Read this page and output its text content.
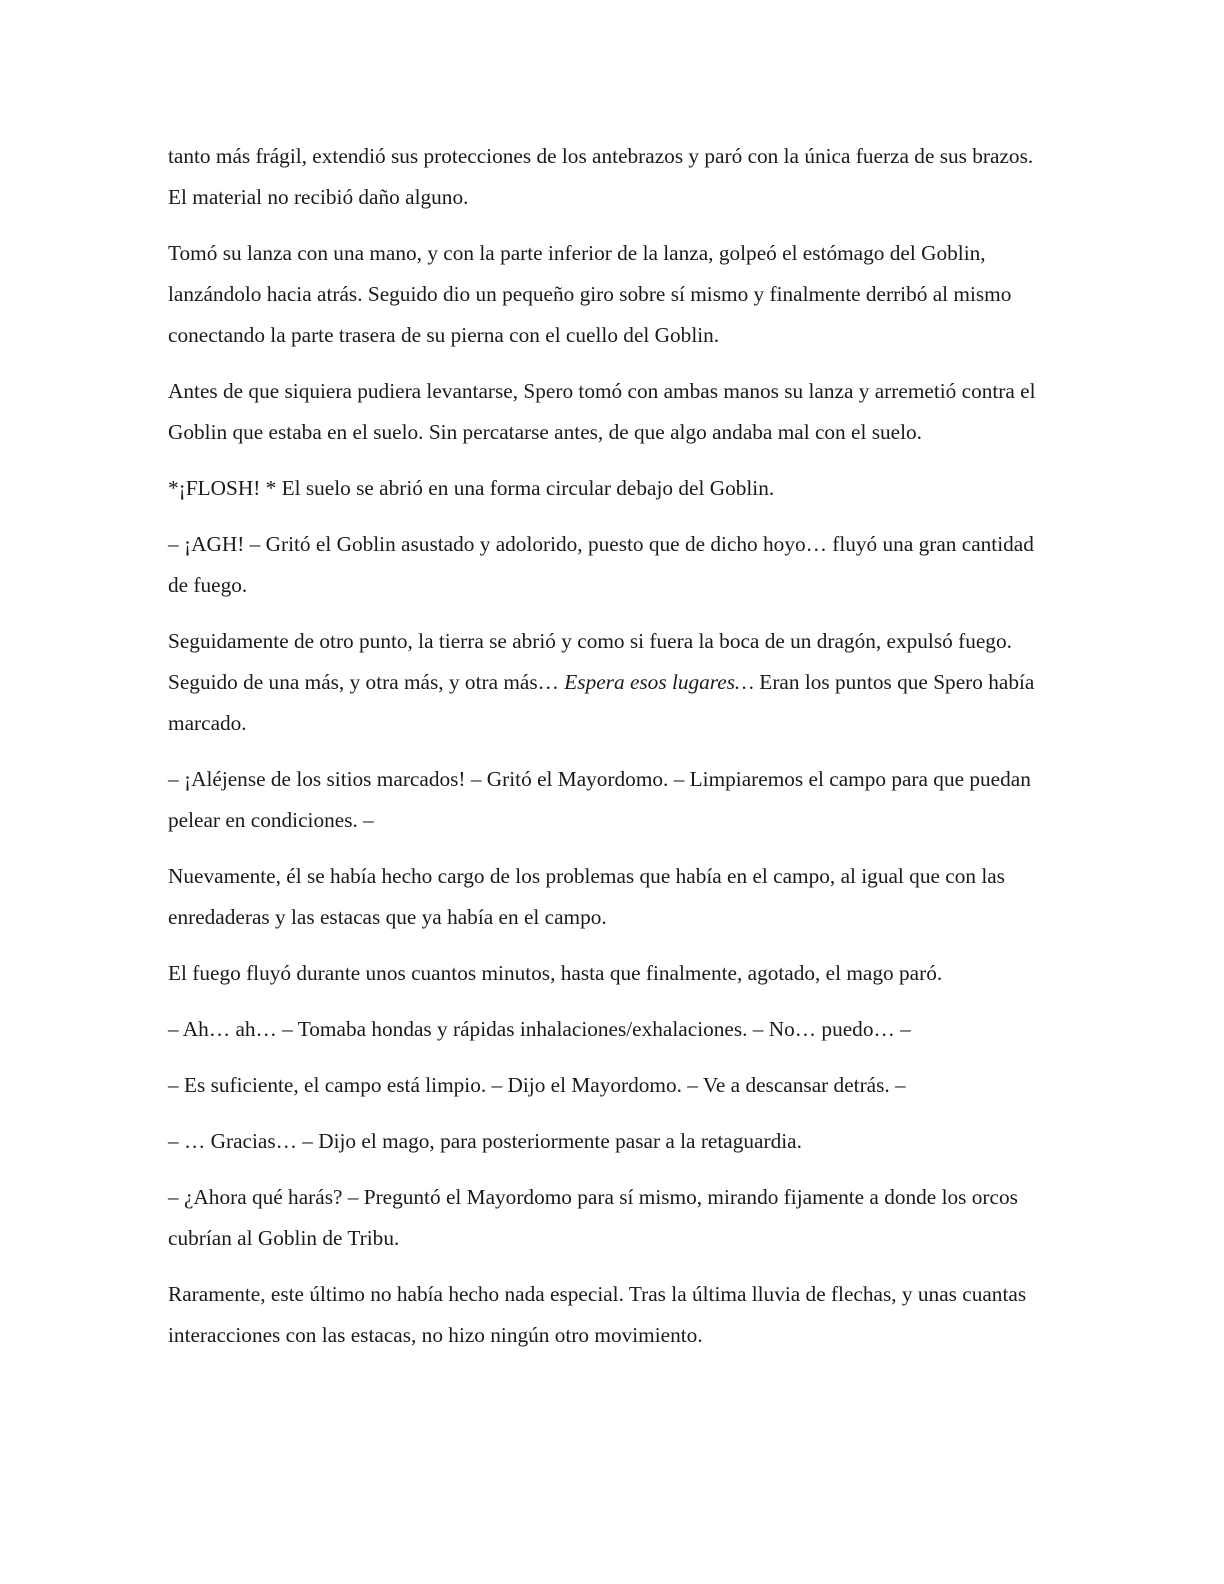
tanto más frágil, extendió sus protecciones de los antebrazos y paró con la única fuerza de sus brazos. El material no recibió daño alguno.

Tomó su lanza con una mano, y con la parte inferior de la lanza, golpeó el estómago del Goblin, lanzándolo hacia atrás. Seguido dio un pequeño giro sobre sí mismo y finalmente derribó al mismo conectando la parte trasera de su pierna con el cuello del Goblin.

Antes de que siquiera pudiera levantarse, Spero tomó con ambas manos su lanza y arremetió contra el Goblin que estaba en el suelo. Sin percatarse antes, de que algo andaba mal con el suelo.

*¡FLOSH! * El suelo se abrió en una forma circular debajo del Goblin.

– ¡AGH! – Gritó el Goblin asustado y adolorido, puesto que de dicho hoyo… fluyó una gran cantidad de fuego.

Seguidamente de otro punto, la tierra se abrió y como si fuera la boca de un dragón, expulsó fuego. Seguido de una más, y otra más, y otra más… Espera esos lugares… Eran los puntos que Spero había marcado.

– ¡Aléjense de los sitios marcados! – Gritó el Mayordomo. – Limpiaremos el campo para que puedan pelear en condiciones. –

Nuevamente, él se había hecho cargo de los problemas que había en el campo, al igual que con las enredaderas y las estacas que ya había en el campo.

El fuego fluyó durante unos cuantos minutos, hasta que finalmente, agotado, el mago paró.

– Ah… ah… – Tomaba hondas y rápidas inhalaciones/exhalaciones. – No… puedo… –

– Es suficiente, el campo está limpio. – Dijo el Mayordomo. – Ve a descansar detrás. –

– … Gracias… – Dijo el mago, para posteriormente pasar a la retaguardia.

– ¿Ahora qué harás? – Preguntó el Mayordomo para sí mismo, mirando fijamente a donde los orcos cubrían al Goblin de Tribu.

Raramente, este último no había hecho nada especial. Tras la última lluvia de flechas, y unas cuantas interacciones con las estacas, no hizo ningún otro movimiento.
